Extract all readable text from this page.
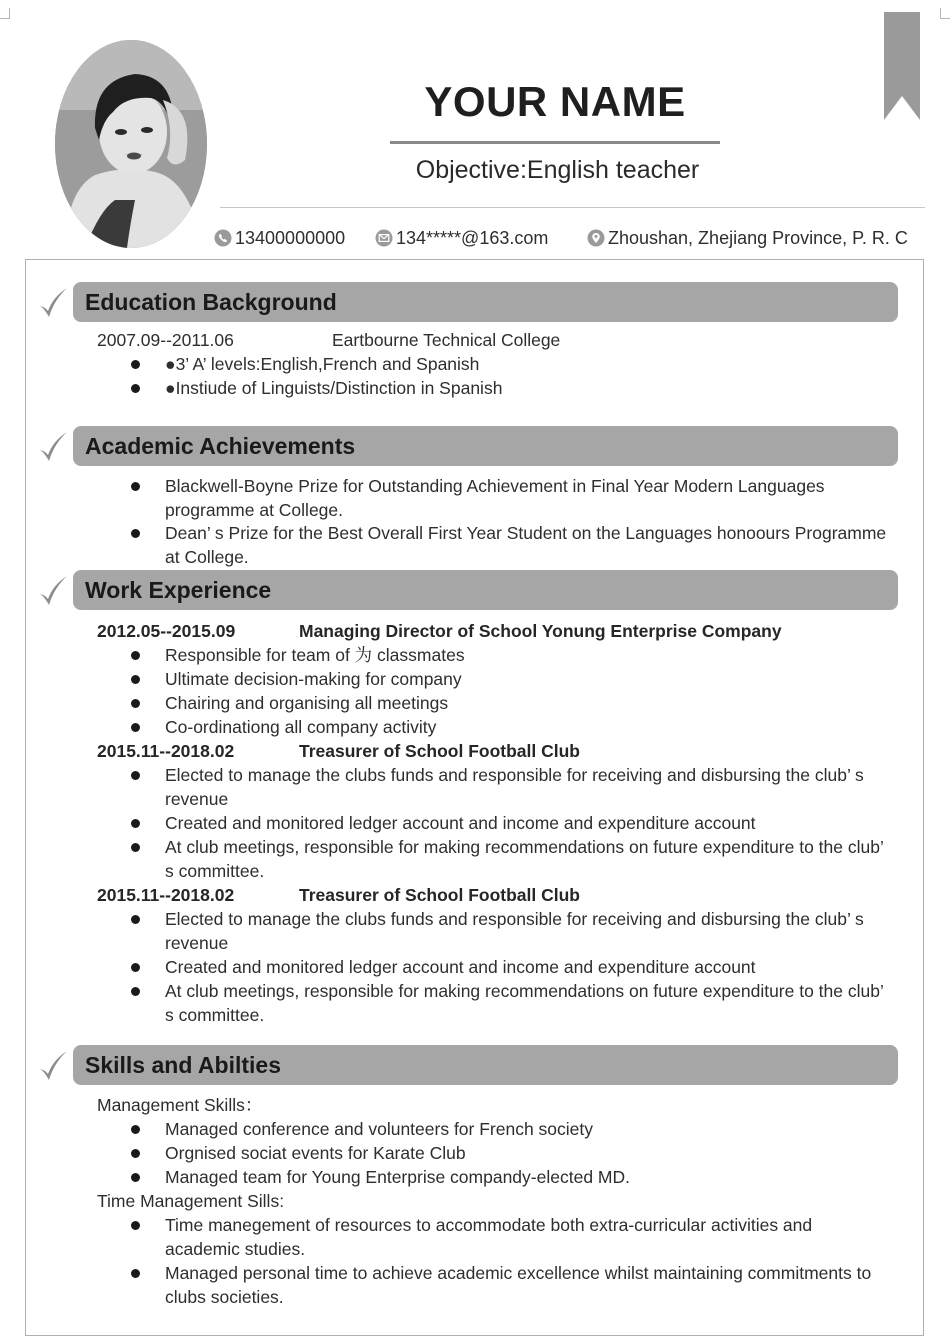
YOUR NAME
Objective:English teacher
13400000000	134*****@163.com	Zhoushan, Zhejiang Province, P. R. C
Education Background
2007.09--2011.06	Eartbourne Technical College
●3’ A’ levels:English,French and Spanish
●Instiude of Linguists/Distinction in Spanish
Academic Achievements
Blackwell-Boyne Prize for Outstanding Achievement in Final Year Modern Languages programme at College.
Dean’ s Prize for the Best Overall First Year Student on the Languages honoours Programme at College.
Work Experience
2012.05--2015.09	Managing Director of School Yonung Enterprise Company
Responsible for team of 为 classmates
Ultimate decision-making for company
Chairing and organising all meetings
Co-ordinationg all company activity
2015.11--2018.02	Treasurer of School Football Club
Elected to manage the clubs funds and responsible for receiving and disbursing the club’ s revenue
Created and monitored ledger account and income and expenditure account
At club meetings, responsible for making recommendations on future expenditure to the club’ s committee.
2015.11--2018.02	Treasurer of School Football Club
Elected to manage the clubs funds and responsible for receiving and disbursing the club’ s revenue
Created and monitored ledger account and income and expenditure account
At club meetings, responsible for making recommendations on future expenditure to the club’ s committee.
Skills and Abilties
Management Skills：
Managed conference and volunteers for French society
Orgnised sociat events for Karate Club
Managed team for Young Enterprise compandy-elected MD.
Time Management Sills:
Time manegement of resources to accommodate both extra-curricular activities and academic studies.
Managed personal time to achieve academic excellence whilst maintaining commitments to clubs societies.
